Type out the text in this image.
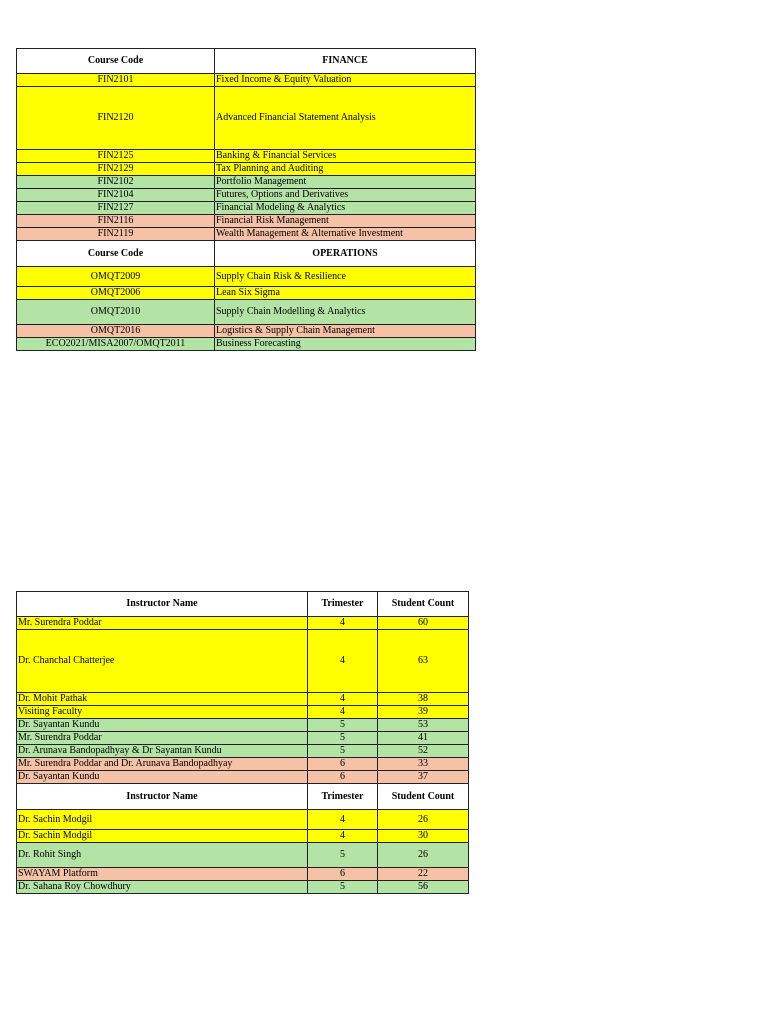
Course Code	FINANCE
FIN2101	Fixed Income & Equity Valuation
FIN2120	Advanced Financial Statement Analysis
FIN2125	Banking & Financial Services
FIN2129	Tax Planning and Auditing
FIN2102	Portfolio Management
FIN2104	Futures, Options and Derivatives
FIN2127	Financial Modeling & Analytics
FIN2116	Financial Risk Management
FIN2119	Wealth Management & Alternative Investment
Course Code	OPERATIONS
OMQT2009	Supply Chain Risk & Resilience
OMQT2006	Lean Six Sigma
OMQT2010	Supply Chain Modelling & Analytics
OMQT2016	Logistics & Supply Chain Management
ECO2021/MISA2007/OMQT2011	Business Forecasting
Instructor Name	Trimester	Student Count
Mr. Surendra Poddar	4	60
Dr. Chanchal Chatterjee	4	63
Dr. Mohit Pathak	4	38
Visiting Faculty	4	39
Dr. Sayantan Kundu	5	53
Mr. Surendra Poddar	5	41
Dr. Arunava Bandopadhyay & Dr Sayantan Kundu	5	52
Mr. Surendra Poddar and Dr. Arunava Bandopadhyay	6	33
Dr. Sayantan Kundu	6	37
Instructor Name	Trimester	Student Count
Dr. Sachin Modgil	4	26
Dr. Sachin Modgil	4	30
Dr. Rohit Singh	5	26
SWAYAM Platform	6	22
Dr. Sahana Roy Chowdhury	5	56
